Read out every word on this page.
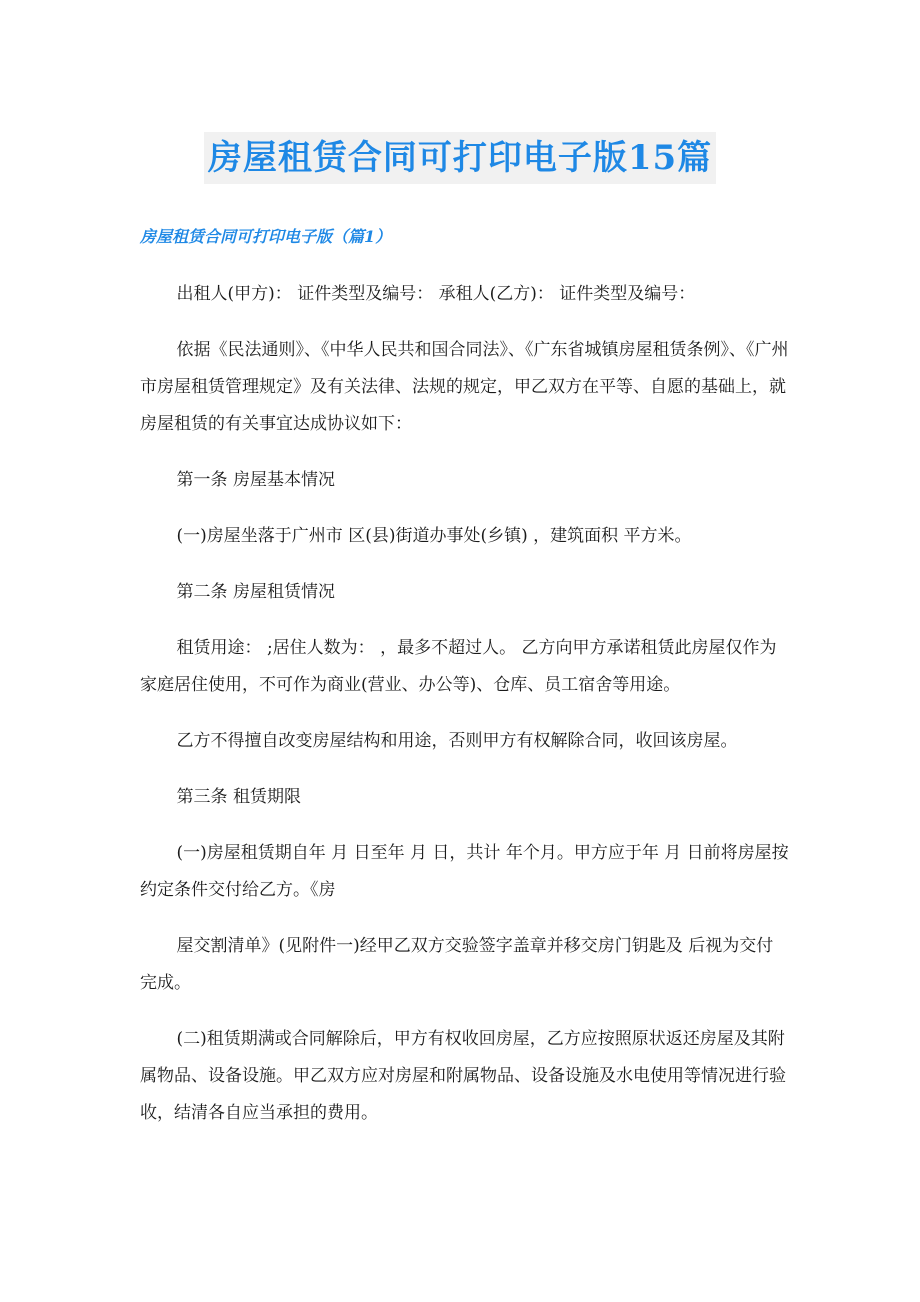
房屋租赁合同可打印电子版15篇
房屋租赁合同可打印电子版（篇1）

出租人(甲方)： 证件类型及编号： 承租人(乙方)： 证件类型及编号：

依据《民法通则》、《中华人民共和国合同法》、《广东省城镇房屋租赁条例》、《广州市房屋租赁管理规定》及有关法律、法规的规定，甲乙双方在平等、自愿的基础上，就房屋租赁的有关事宜达成协议如下：

第一条 房屋基本情况

(一)房屋坐落于广州市 区(县)街道办事处(乡镇) ，建筑面积 平方米。

第二条 房屋租赁情况

租赁用途： ;居住人数为： ，最多不超过人。 乙方向甲方承诺租赁此房屋仅作为家庭居住使用，不可作为商业(营业、办公等)、仓库、员工宿舍等用途。

乙方不得擅自改变房屋结构和用途，否则甲方有权解除合同，收回该房屋。

第三条 租赁期限

(一)房屋租赁期自年 月 日至年 月 日，共计 年个月。甲方应于年 月 日前将房屋按约定条件交付给乙方。《房

屋交割清单》(见附件一)经甲乙双方交验签字盖章并移交房门钥匙及 后视为交付完成。

(二)租赁期满或合同解除后，甲方有权收回房屋，乙方应按照原状返还房屋及其附属物品、设备设施。甲乙双方应对房屋和附属物品、设备设施及水电使用等情况进行验收，结清各自应当承担的费用。
